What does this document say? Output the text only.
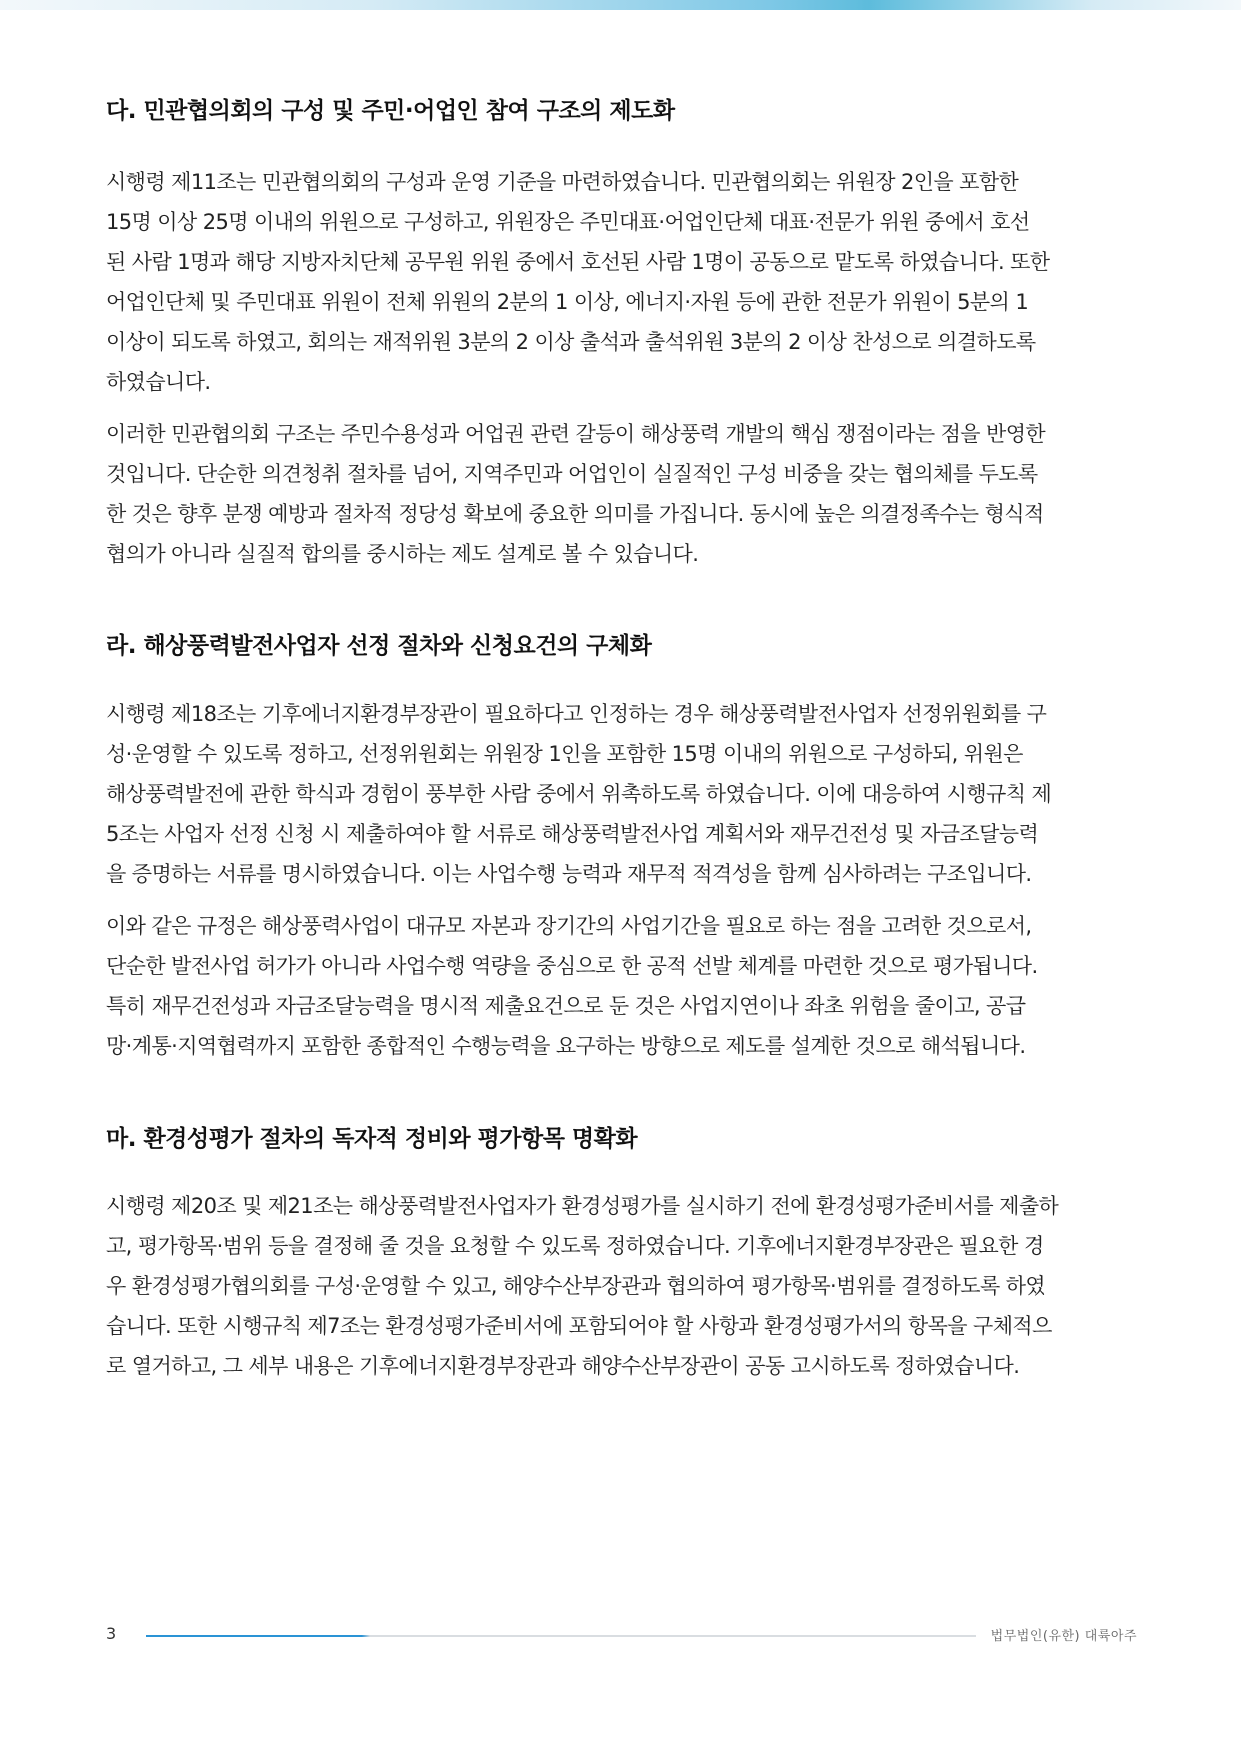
다. 민관협의회의 구성 및 주민·어업인 참여 구조의 제도화
시행령 제11조는 민관협의회의 구성과 운영 기준을 마련하였습니다. 민관협의회는 위원장 2인을 포함한
15명 이상 25명 이내의 위원으로 구성하고, 위원장은 주민대표·어업인단체 대표·전문가 위원 중에서 호선
된 사람 1명과 해당 지방자치단체 공무원 위원 중에서 호선된 사람 1명이 공동으로 맡도록 하였습니다. 또한
어업인단체 및 주민대표 위원이 전체 위원의 2분의 1 이상, 에너지·자원 등에 관한 전문가 위원이 5분의 1
이상이 되도록 하였고, 회의는 재적위원 3분의 2 이상 출석과 출석위원 3분의 2 이상 찬성으로 의결하도록
하였습니다.
이러한 민관협의회 구조는 주민수용성과 어업권 관련 갈등이 해상풍력 개발의 핵심 쟁점이라는 점을 반영한
것입니다. 단순한 의견청취 절차를 넘어, 지역주민과 어업인이 실질적인 구성 비중을 갖는 협의체를 두도록
한 것은 향후 분쟁 예방과 절차적 정당성 확보에 중요한 의미를 가집니다. 동시에 높은 의결정족수는 형식적
협의가 아니라 실질적 합의를 중시하는 제도 설계로 볼 수 있습니다.
라. 해상풍력발전사업자 선정 절차와 신청요건의 구체화
시행령 제18조는 기후에너지환경부장관이 필요하다고 인정하는 경우 해상풍력발전사업자 선정위원회를 구
성·운영할 수 있도록 정하고, 선정위원회는 위원장 1인을 포함한 15명 이내의 위원으로 구성하되, 위원은
해상풍력발전에 관한 학식과 경험이 풍부한 사람 중에서 위촉하도록 하였습니다. 이에 대응하여 시행규칙 제
5조는 사업자 선정 신청 시 제출하여야 할 서류로 해상풍력발전사업 계획서와 재무건전성 및 자금조달능력
을 증명하는 서류를 명시하였습니다. 이는 사업수행 능력과 재무적 적격성을 함께 심사하려는 구조입니다.
이와 같은 규정은 해상풍력사업이 대규모 자본과 장기간의 사업기간을 필요로 하는 점을 고려한 것으로서,
단순한 발전사업 허가가 아니라 사업수행 역량을 중심으로 한 공적 선발 체계를 마련한 것으로 평가됩니다.
특히 재무건전성과 자금조달능력을 명시적 제출요건으로 둔 것은 사업지연이나 좌초 위험을 줄이고, 공급
망·계통·지역협력까지 포함한 종합적인 수행능력을 요구하는 방향으로 제도를 설계한 것으로 해석됩니다.
마. 환경성평가 절차의 독자적 정비와 평가항목 명확화
시행령 제20조 및 제21조는 해상풍력발전사업자가 환경성평가를 실시하기 전에 환경성평가준비서를 제출하
고, 평가항목·범위 등을 결정해 줄 것을 요청할 수 있도록 정하였습니다. 기후에너지환경부장관은 필요한 경
우 환경성평가협의회를 구성·운영할 수 있고, 해양수산부장관과 협의하여 평가항목·범위를 결정하도록 하였
습니다. 또한 시행규칙 제7조는 환경성평가준비서에 포함되어야 할 사항과 환경성평가서의 항목을 구체적으
로 열거하고, 그 세부 내용은 기후에너지환경부장관과 해양수산부장관이 공동 고시하도록 정하였습니다.
3	법무법인(유한) 대륙아주
